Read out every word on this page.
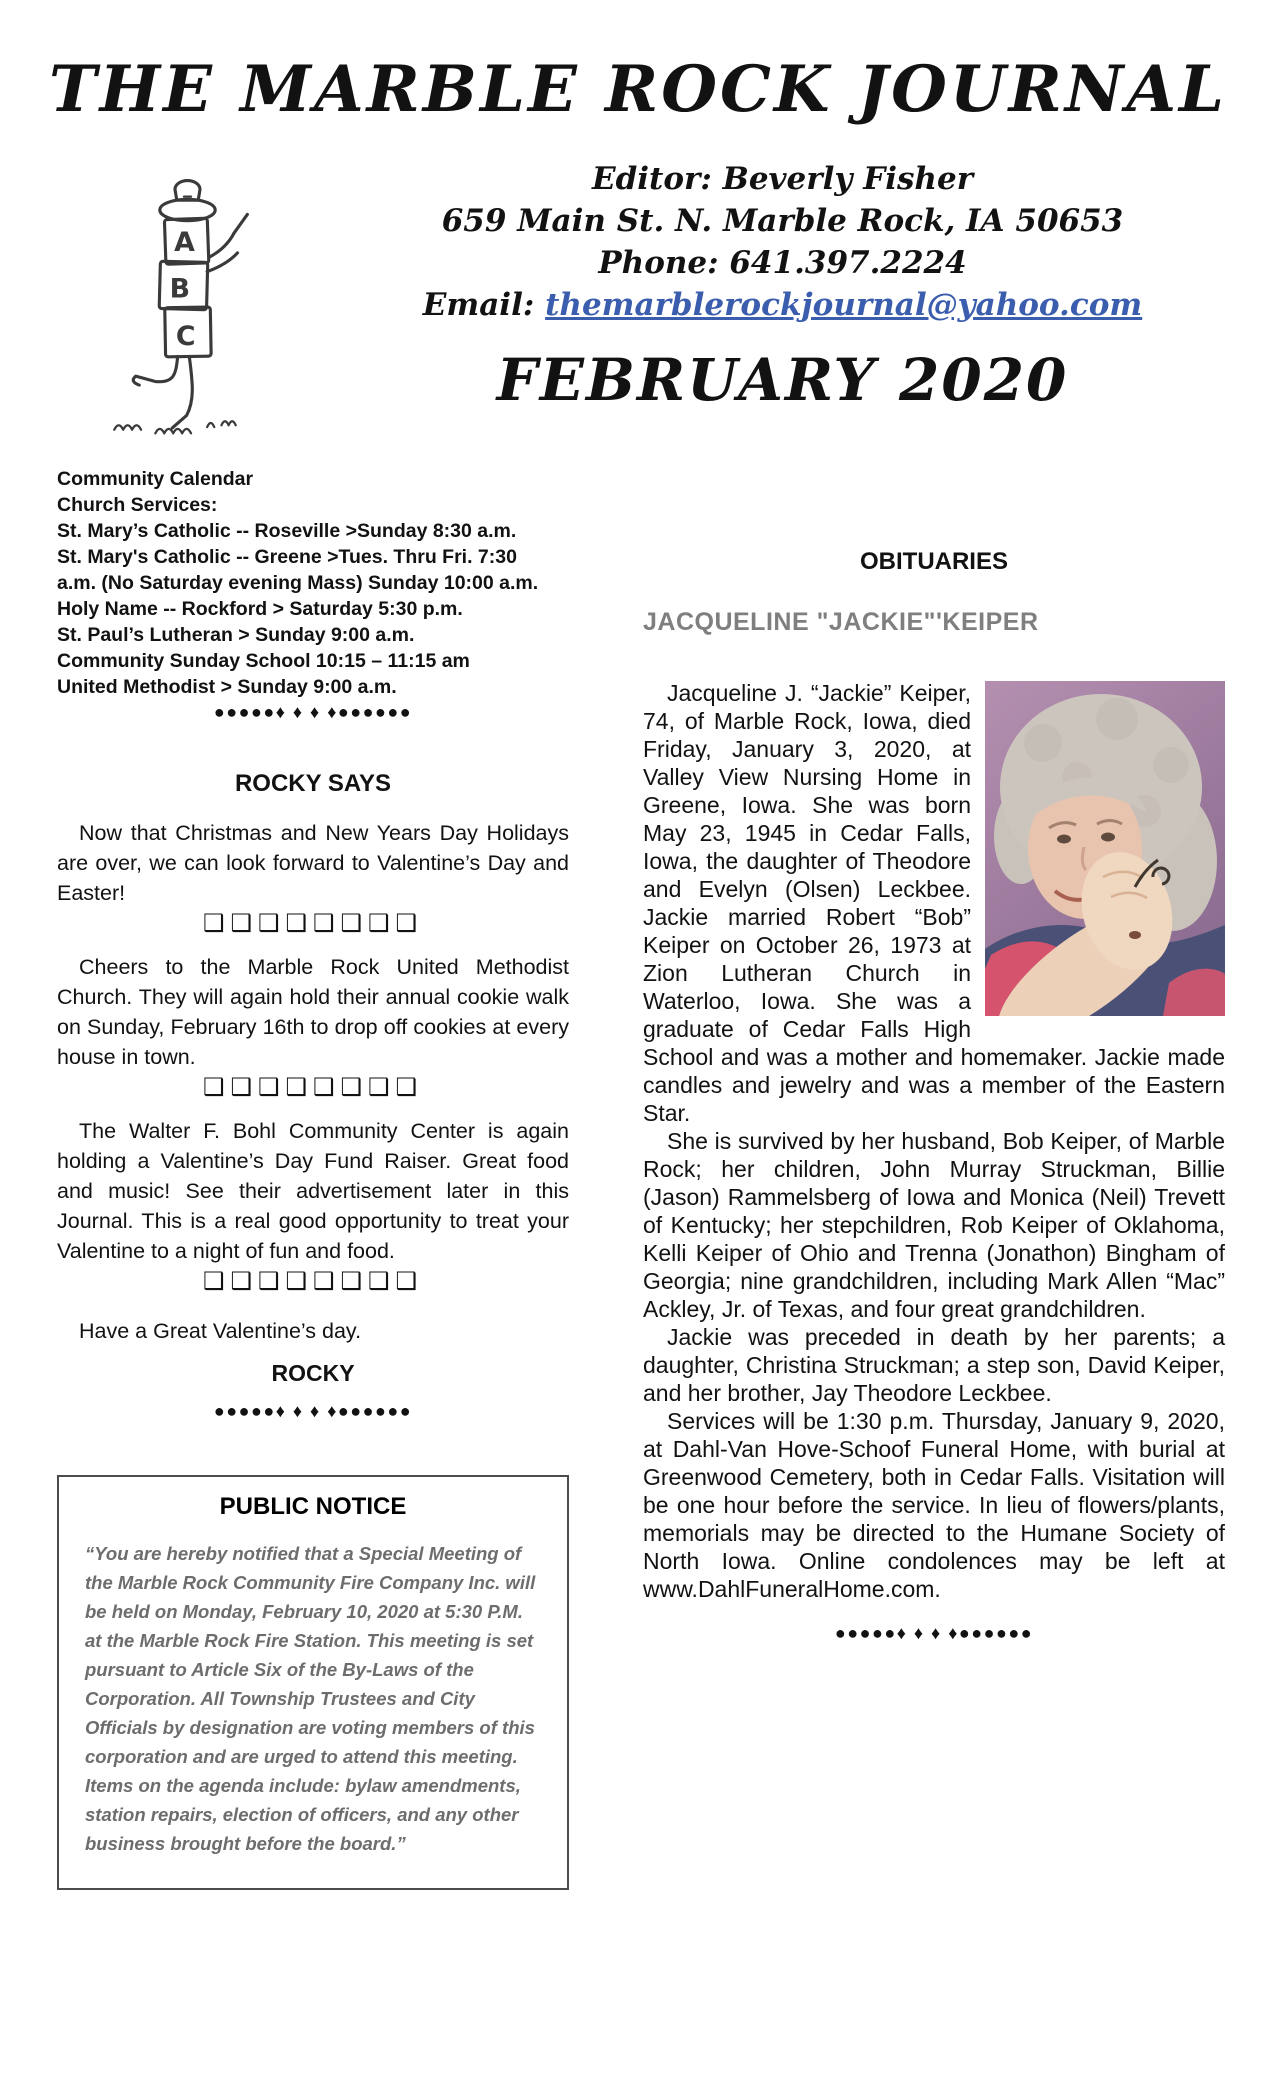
THE MARBLE ROCK JOURNAL
A
B
C
Editor: Beverly Fisher
659 Main St. N. Marble Rock, IA 50653
Phone: 641.397.2224
Email: themarblerockjournal@yahoo.com
FEBRUARY 2020
Community Calendar
Church Services:
St. Mary’s Catholic -- Roseville >Sunday 8:30 a.m.
St. Mary's Catholic -- Greene >Tues. Thru Fri. 7:30
a.m. (No Saturday evening Mass) Sunday 10:00 a.m.
Holy Name -- Rockford > Saturday 5:30 p.m.
St. Paul’s Lutheran > Sunday 9:00 a.m.
Community Sunday School 10:15 – 11:15 am
United Methodist > Sunday 9:00 a.m.
●●●●●♦ ♦ ♦ ♦●●●●●●
ROCKY SAYS

Now that Christmas and New Years Day Holidays are over, we can look forward to Valentine’s Day and Easter!

❑❑❑❑❑❑❑❑

Cheers to the Marble Rock United Methodist Church. They will again hold their annual cookie walk on Sunday, February 16th to drop off cookies at every house in town.

❑❑❑❑❑❑❑❑

The Walter F. Bohl Community Center is again holding a Valentine’s Day Fund Raiser. Great food and music! See their advertisement later in this Journal. This is a real good opportunity to treat your Valentine to a night of fun and food.

❑❑❑❑❑❑❑❑

Have a Great Valentine’s day.

ROCKY
●●●●●♦ ♦ ♦ ♦●●●●●●
PUBLIC NOTICE

“You are hereby notified that a Special Meeting of the Marble Rock Community Fire Company Inc. will be held on Monday, February 10, 2020 at 5:30 P.M. at the Marble Rock Fire Station. This meeting is set pursuant to Article Six of the By-Laws of the Corporation. All Township Trustees and City Officials by designation are voting members of this corporation and are urged to attend this meeting. Items on the agenda include: bylaw amendments, station repairs, election of officers, and any other business brought before the board.”

OBITUARIES
JACQUELINE "JACKIE"'KEIPER

Jacqueline J. “Jackie” Keiper, 74, of Marble Rock, Iowa, died Friday, January 3, 2020, at Valley View Nursing Home in Greene, Iowa. She was born May 23, 1945 in Cedar Falls, Iowa, the daughter of Theodore and Evelyn (Olsen) Leckbee. Jackie married Robert “Bob” Keiper on October 26, 1973 at Zion Lutheran Church in Waterloo, Iowa. She was a graduate of Cedar Falls High School and was a mother and homemaker. Jackie made candles and jewelry and was a member of the Eastern Star.

She is survived by her husband, Bob Keiper, of Marble Rock; her children, John Murray Struckman, Billie (Jason) Rammelsberg of Iowa and Monica (Neil) Trevett of Kentucky; her stepchildren, Rob Keiper of Oklahoma, Kelli Keiper of Ohio and Trenna (Jonathon) Bingham of Georgia; nine grandchildren, including Mark Allen “Mac” Ackley, Jr. of Texas, and four great grandchildren.

Jackie was preceded in death by her parents; a daughter, Christina Struckman; a step son, David Keiper, and her brother, Jay Theodore Leckbee.

Services will be 1:30 p.m. Thursday, January 9, 2020, at Dahl-Van Hove-Schoof Funeral Home, with burial at Greenwood Cemetery, both in Cedar Falls. Visitation will be one hour before the service. In lieu of flowers/plants, memorials may be directed to the Humane Society of North Iowa. Online condolences may be left at www.DahlFuneralHome.com.

●●●●●♦ ♦ ♦ ♦●●●●●●
